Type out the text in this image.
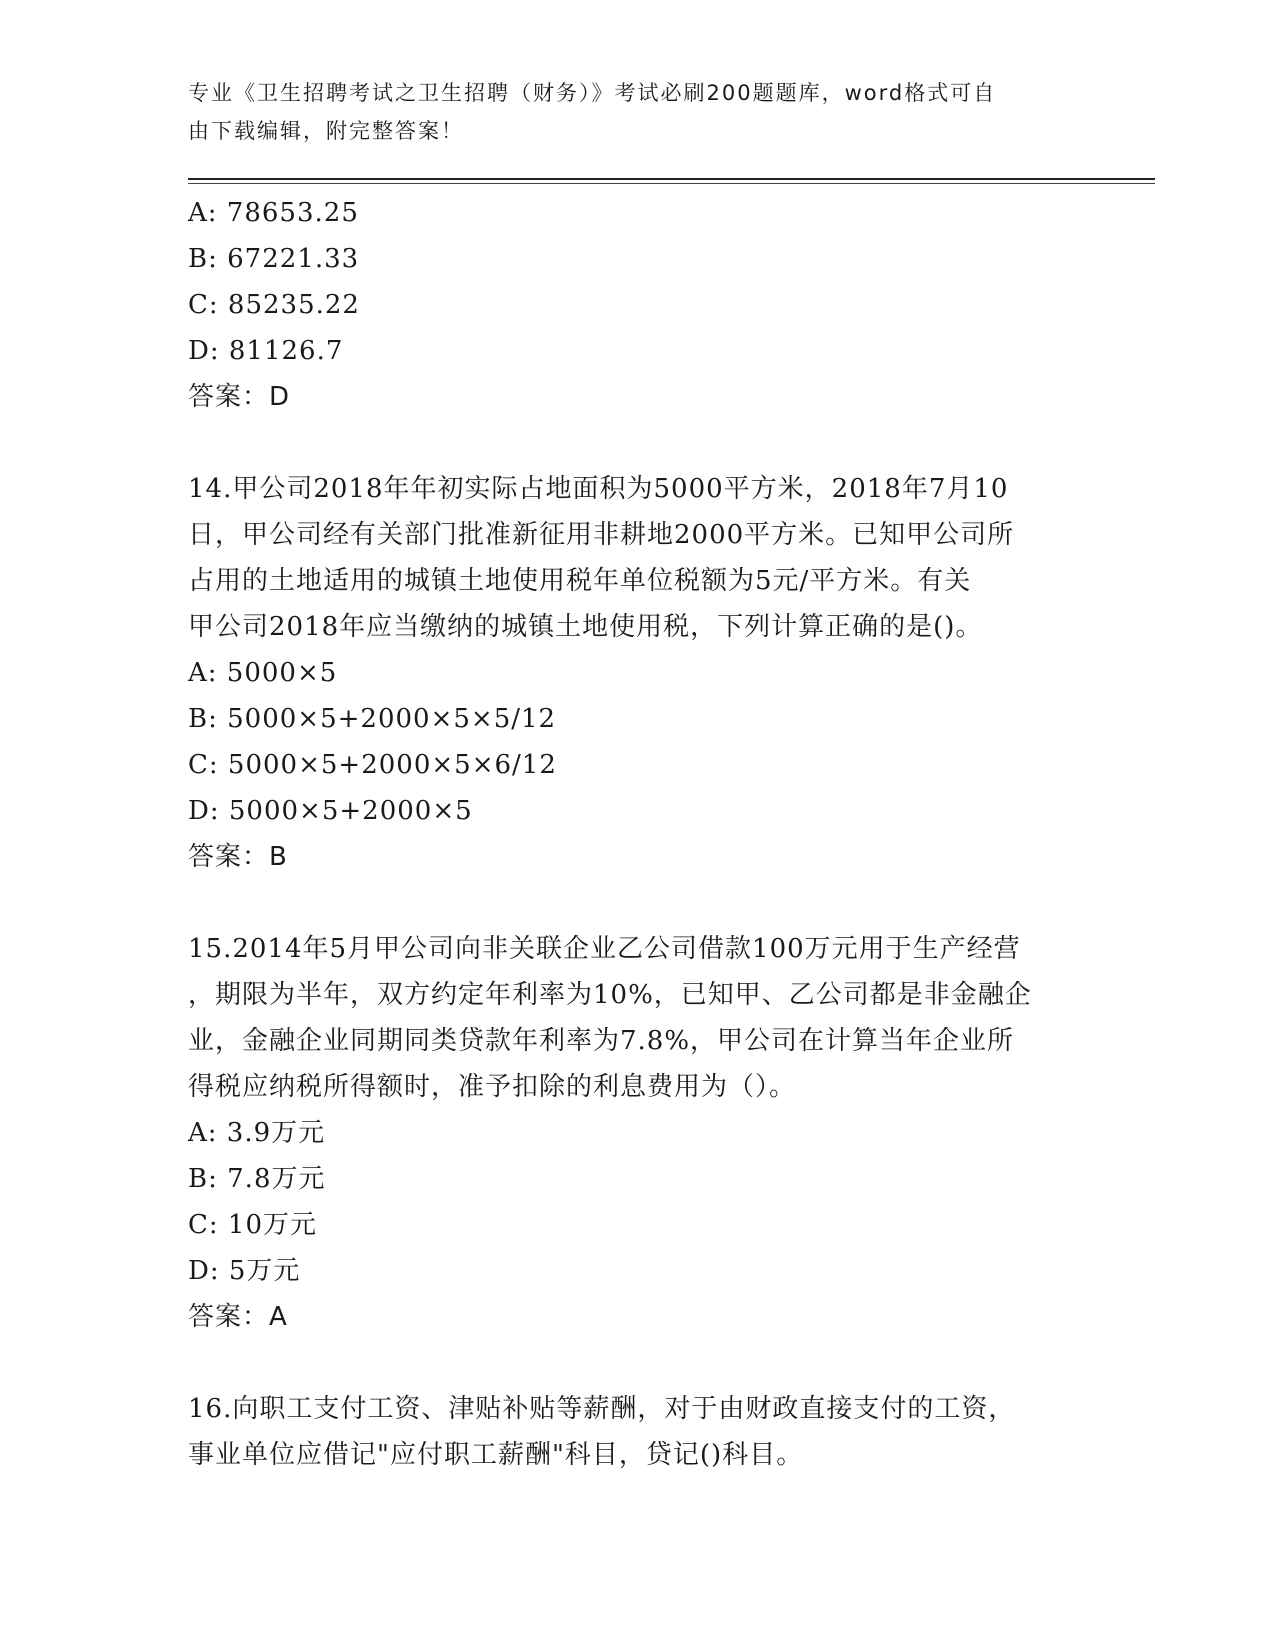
专业《卫生招聘考试之卫生招聘（财务）》考试必刷200题题库，word格式可自
由下载编辑，附完整答案！
A: 78653.25
B: 67221.33
C: 85235.22
D: 81126.7
答案：D
14.甲公司2018年年初实际占地面积为5000平方米，2018年7月10
日，甲公司经有关部门批准新征用非耕地2000平方米。已知甲公司所
占用的土地适用的城镇土地使用税年单位税额为5元/平方米。有关
甲公司2018年应当缴纳的城镇土地使用税，下列计算正确的是()。
A: 5000×5
B: 5000×5+2000×5×5/12
C: 5000×5+2000×5×6/12
D: 5000×5+2000×5
答案：B
15.2014年5月甲公司向非关联企业乙公司借款100万元用于生产经营
，期限为半年，双方约定年利率为10%，已知甲、乙公司都是非金融企
业，金融企业同期同类贷款年利率为7.8%，甲公司在计算当年企业所
得税应纳税所得额时，准予扣除的利息费用为（）。
A: 3.9万元
B: 7.8万元
C: 10万元
D: 5万元
答案：A
16.向职工支付工资、津贴补贴等薪酬，对于由财政直接支付的工资，
事业单位应借记"应付职工薪酬"科目，贷记()科目。
